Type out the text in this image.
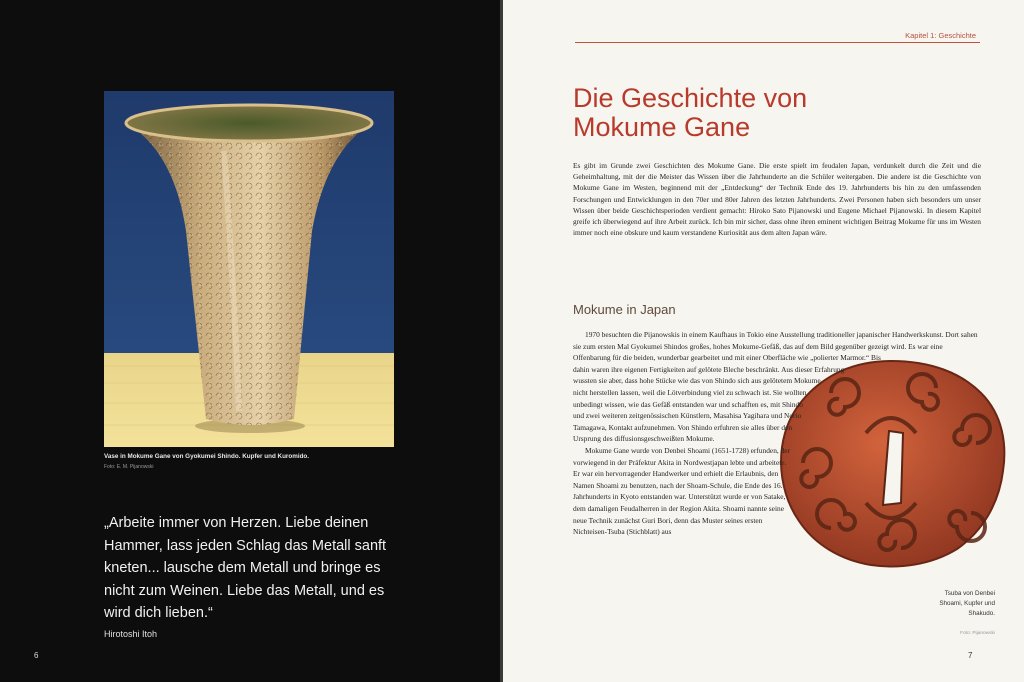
Vase in Mokume Gane von Gyokumei Shindo. Kupfer und Kuromido.
Foto: E. M. Pijanowski
„Arbeite immer von Herzen. Liebe deinen Hammer, lass jeden Schlag das Metall sanft kneten... lausche dem Metall und bringe es nicht zum Weinen. Liebe das Metall, und es wird dich lieben.“
Hirotoshi Itoh
6
Kapitel 1: Geschichte
Die Geschichte von
Mokume Gane
Es gibt im Grunde zwei Geschichten des Mokume Gane. Die erste spielt im feudalen Japan, verdunkelt durch die Zeit und die Geheimhaltung, mit der die Meister das Wissen über die Jahrhunderte an die Schüler weitergaben. Die andere ist die Geschichte von Mokume Gane im Westen, beginnend mit der „Entdeckung“ der Technik Ende des 19. Jahrhunderts bis hin zu den umfassenden Forschungen und Entwicklungen in den 70er und 80er Jahren des letzten Jahrhunderts. Zwei Personen haben sich besonders um unser Wissen über beide Geschichtsperioden verdient gemacht: Hiroko Sato Pijanowski und Eugene Michael Pijanowski. In diesem Kapitel greife ich überwiegend auf ihre Arbeit zurück. Ich bin mir sicher, dass ohne ihren eminent wichtigen Beitrag Mokume für uns im Westen immer noch eine obskure und kaum verstandene Kuriosität aus dem alten Japan wäre.
Mokume in Japan

1970 besuchten die Pijanowskis in einem Kaufhaus in Tokio eine Ausstellung traditioneller japanischer Handwerkskunst. Dort sahen sie zum ersten Mal Gyokumei Shindos großes, hohes Mokume-Gefäß, das auf dem Bild gegenüber gezeigt wird. Es war eine Offenbarung für die beiden, wunderbar gearbeitet und mit einer Oberfläche wie „polierter Marmor.“ Bis dahin waren ihre eigenen Fertigkeiten auf gelötete Bleche beschränkt. Aus dieser Erfahrung wussten sie aber, dass hohe Stücke wie das von Shindo sich aus gelötetem Mokume nicht herstellen lassen, weil die Lötverbindung viel zu schwach ist. Sie wollten unbedingt wissen, wie das Gefäß entstanden war und schafften es, mit Shindo und zwei weiteren zeitgenössischen Künstlern, Masahisa Yagihara und Norio Tamagawa, Kontakt aufzunehmen. Von Shindo erfuhren sie alles über den Ursprung des diffusionsgeschweißten Mokume.

Mokume Gane wurde von Denbei Shoami (1651-1728) erfunden, der vorwiegend in der Präfektur Akita in Nordwestjapan lebte und arbeitete. Er war ein hervorragender Handwerker und erhielt die Erlaubnis, den Namen Shoami zu benutzen, nach der Shoam-Schule, die Ende des 16. Jahrhunderts in Kyoto entstanden war. Unterstützt wurde er von Satake, dem damaligen Feudalherren in der Region Akita. Shoami nannte seine neue Technik zunächst Guri Bori, denn das Muster seines ersten Nichteisen-Tsuba (Stichblatt) aus

Tsuba von Denbei Shoami, Kupfer und Shakudo.
Foto: Pijanowski
7
